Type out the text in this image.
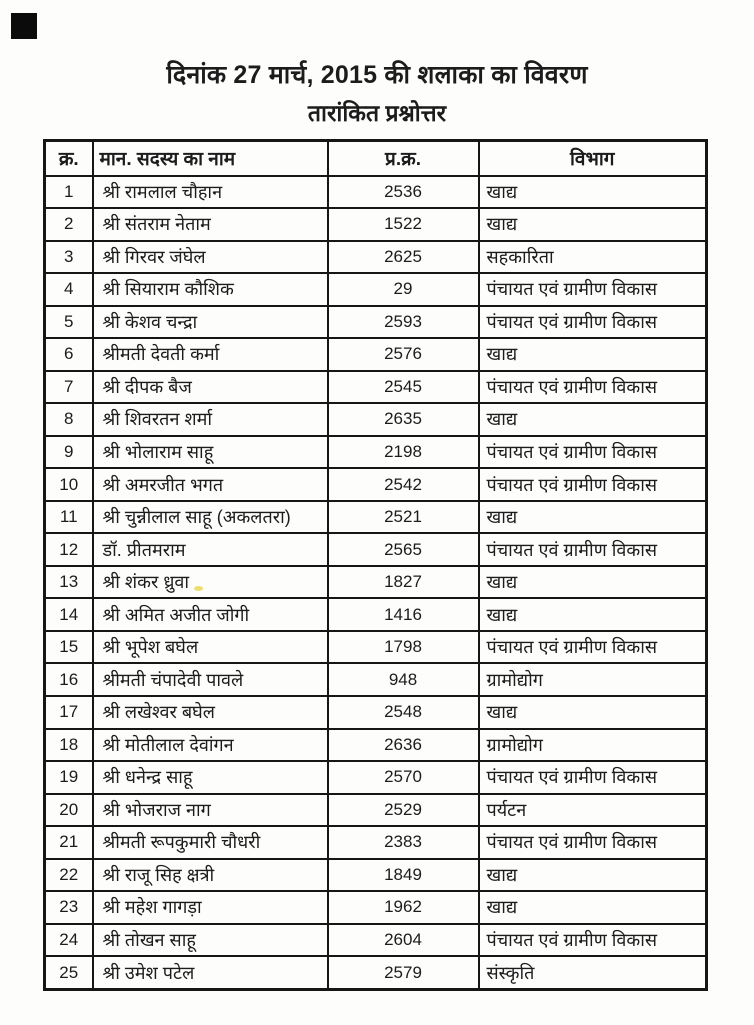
दिनांक 27 मार्च, 2015 की शलाका का विवरण
तारांकित प्रश्नोत्तर
क्र.	मान. सदस्य का नाम	प्र.क्र.	विभाग
1	श्री रामलाल चौहान	2536	खाद्य
2	श्री संतराम नेताम	1522	खाद्य
3	श्री गिरवर जंघेल	2625	सहकारिता
4	श्री सियाराम कौशिक	29	पंचायत एवं ग्रामीण विकास
5	श्री केशव चन्द्रा	2593	पंचायत एवं ग्रामीण विकास
6	श्रीमती देवती कर्मा	2576	खाद्य
7	श्री दीपक बैज	2545	पंचायत एवं ग्रामीण विकास
8	श्री शिवरतन शर्मा	2635	खाद्य
9	श्री भोलाराम साहू	2198	पंचायत एवं ग्रामीण विकास
10	श्री अमरजीत भगत	2542	पंचायत एवं ग्रामीण विकास
11	श्री चुन्नीलाल साहू (अकलतरा)	2521	खाद्य
12	डॉ. प्रीतमराम	2565	पंचायत एवं ग्रामीण विकास
13	श्री शंकर ध्रुवा	1827	खाद्य
14	श्री अमित अजीत जोगी	1416	खाद्य
15	श्री भूपेश बघेल	1798	पंचायत एवं ग्रामीण विकास
16	श्रीमती चंपादेवी पावले	948	ग्रामोद्योग
17	श्री लखेश्वर बघेल	2548	खाद्य
18	श्री मोतीलाल देवांगन	2636	ग्रामोद्योग
19	श्री धनेन्द्र साहू	2570	पंचायत एवं ग्रामीण विकास
20	श्री भोजराज नाग	2529	पर्यटन
21	श्रीमती रूपकुमारी चौधरी	2383	पंचायत एवं ग्रामीण विकास
22	श्री राजू सिह क्षत्री	1849	खाद्य
23	श्री महेश गागड़ा	1962	खाद्य
24	श्री तोखन साहू	2604	पंचायत एवं ग्रामीण विकास
25	श्री उमेश पटेल	2579	संस्कृति
